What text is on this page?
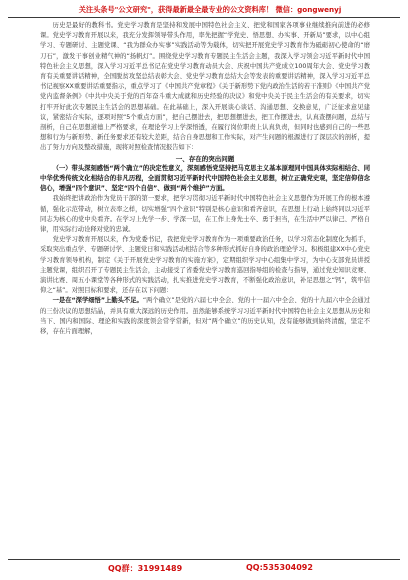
关注头条号"公文研究"，获得最新最全最专业的公文资料库！ 微信：gongwenyj

历史是最好的教科书。党史学习教育是坚持和发展中国特色社会主义、把党和国家各项事业继续推向前进的必修课。党史学习教育开展以来，我充分发挥领导带头作用，率先把握“学党史、悟思想、办实事、开新局”要求，以中心组学习、专题研讨、主题党课、“我为群众办实事”实践活动等为载体，切实把开展党史学习教育作为砥砺初心使命的“磨刀石”，激发干事创业精气神的“扬帆灯”。围绕党史学习教育专题民主生活会主题，我深入学习领会习近平新时代中国特色社会主义思想，深入学习习近平总书记在党史学习教育动员大会、庆祝中国共产党成立100周年大会、党史学习教育有关重要讲话精神，全国脱贫攻坚总结表彰大会、党史学习教育总结大会等发表的重要讲话精神，深入学习习近平总书记视察XX重要讲话重要指示，重点学习了《中国共产党章程》《关于新形势下党内政治生活的若干准则》《中国共产党党内监督条例》《中共中央关于党的百年奋斗重大成就和历史经验的决议》和党中央关于民主生活会的有关要求，切实打牢开好此次专题民主生活会的思想基础。在此基础上，深入开展谈心谈话、沟通思想、交换意见，广泛征求意见建议，紧密结合实际，逐项对照“5个重点方面”，把自己摆进去，把思想摆进去，把工作摆进去，认真查摆问题，总结与剖析，自己在思想道德上严格要求，在理论学习上学深悟透，在履行岗位职责上认真负责，但同时也感到自己的一些思想和行为与新形势、新任务要求还有较大差距，结合自身思想和工作实际，对产生问题的根源进行了深层次的剖析，提出了努力方向及整改措施，现将对照检查情况报告如下：

一、存在的突出问题

（一）带头深刻感悟“两个确立”的决定性意义，深刻感悟党坚持把马克思主义基本原理同中国具体实际相结合、同中华优秀传统文化相结合的非凡历程，全面贯彻习近平新时代中国特色社会主义思想，树立正确党史观，坚定信仰信念信心，增强“四个意识”、坚定“四个自信”、做到“两个维护”方面。

我始终把讲政治作为党员干部的第一要求，把学习贯彻习近平新时代中国特色社会主义思想作为开展工作的根本遵循，强化示范带动，树立表率之样，切实增强“四个意识”特别是核心意识和看齐意识，在思想上行动上始终同以习近平同志为核心的党中央看齐。在学习上先学一步、学深一层，在工作上身先士卒、勇于担当，在生活中严以律己、严格自律，用实际行动诠释对党的忠诚。

党史学习教育开展以来，作为党委书记，我把党史学习教育作为一项重要政治任务，以学习常态化制度化为抓手，采取突出重点学、专题研讨学、主题党日和实践活动相结合等多种形式抓好自身的政治理论学习。积极组建XX中心党史学习教育领导机构，制定《关于开展党史学习教育的实施方案》，定期组织学习中心组集中学习，为中心支部党员讲授主题党课，组织召开了专题民主生活会，主动接受了省委党史学习教育巡回指导组的检查与指导，通过党史知识竞赛、演讲比赛、周五小课堂等各种形式的实践活动，扎实推进党史学习教育，不断强化政治意识，补足思想之“钙”，筑牢信仰之“基”。对照目标和要求，还存在以下问题：

一是在“深学细悟”上勤头不足。“两个确立”是党的六届七中全会、党的十一届六中全会、党的十九届六中全会通过的三份决议的思想结晶，并具有重大深远的历史作用。虽然能够系统学习习近平新时代中国特色社会主义思想从历史和当下、国内和国际、理论和实践的深度领会常学常新，但对“两个确立”的历史认知，没有能够做到始终清醒，坚定不移，存在片面理解，

QQ群：31991489	QQ:535304092
